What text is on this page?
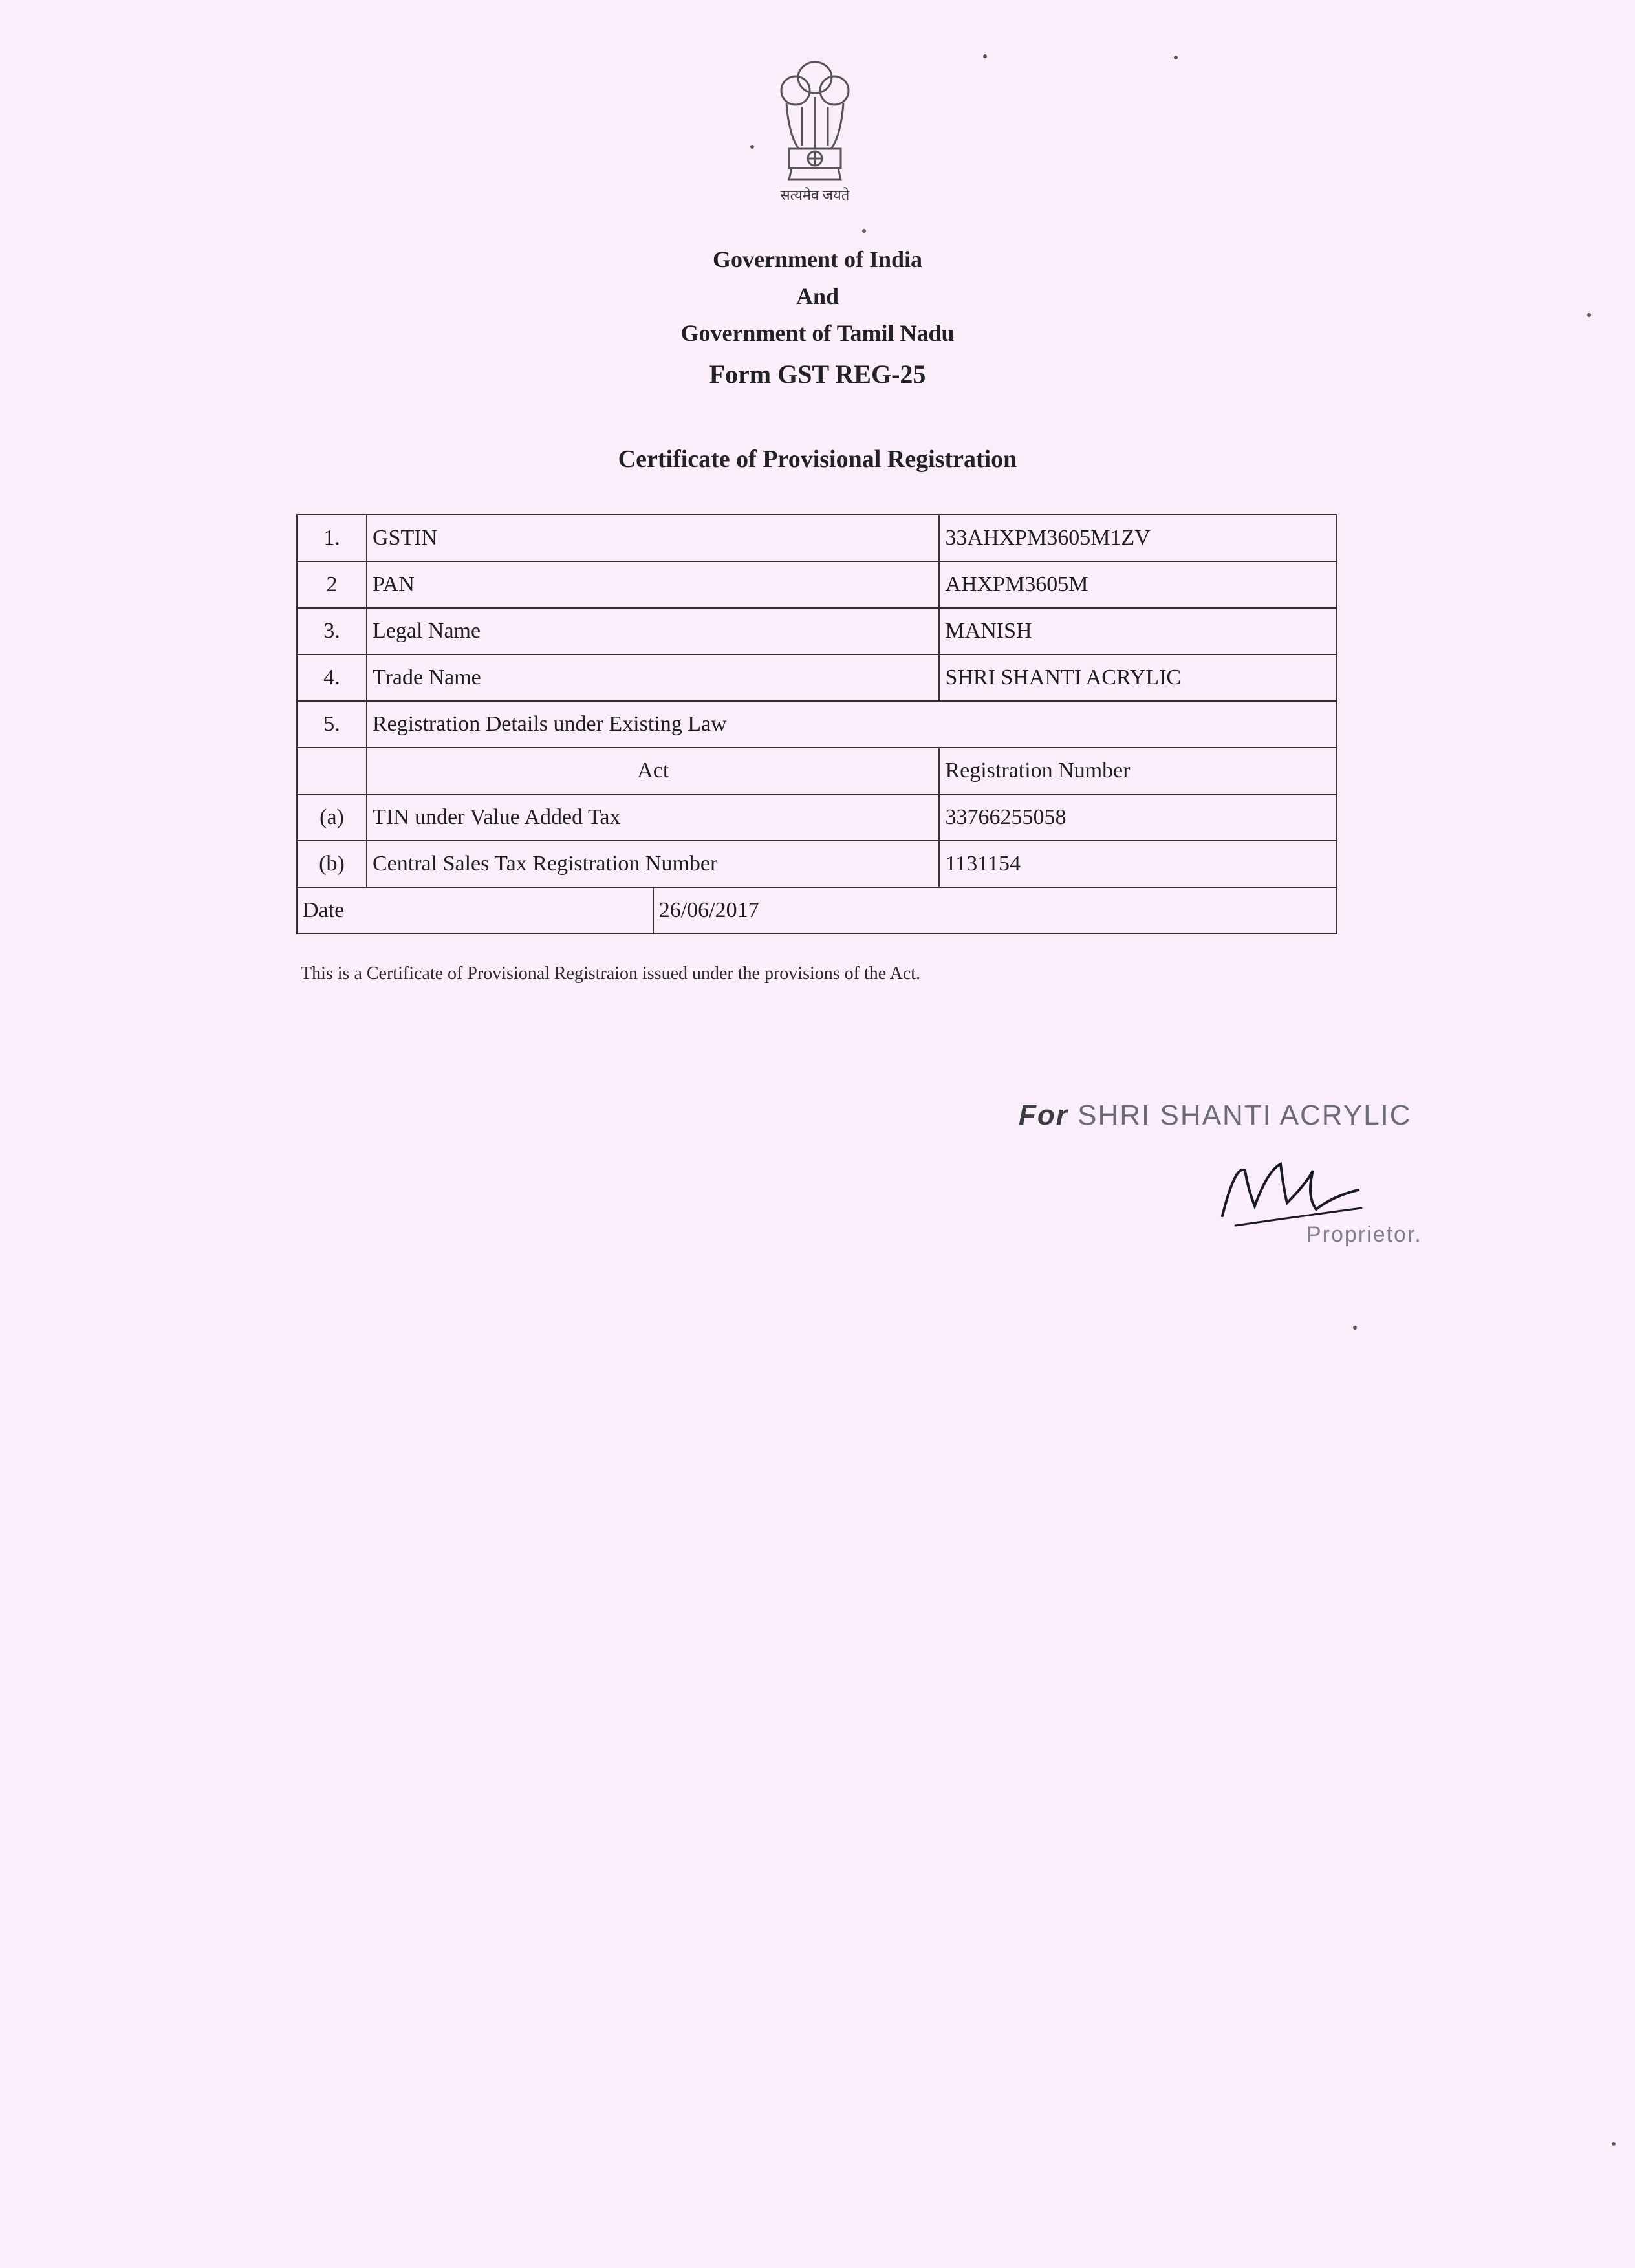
सत्यमेव जयते
Government of India
And
Government of Tamil Nadu
Form GST REG-25
Certificate of Provisional Registration
1.	GSTIN		33AHXPM3605M1ZV
2	PAN		AHXPM3605M
3.	Legal Name		MANISH
4.	Trade Name		SHRI SHANTI ACRYLIC
5.	Registration Details under Existing Law		
	Act		Registration Number
(a)	TIN under Value Added Tax		33766255058
(b)	Central Sales Tax Registration Number		1131154
Date		26/06/2017	
This is a Certificate of Provisional Registraion issued under the provisions of the Act.
For SHRI SHANTI ACRYLIC
Proprietor.
